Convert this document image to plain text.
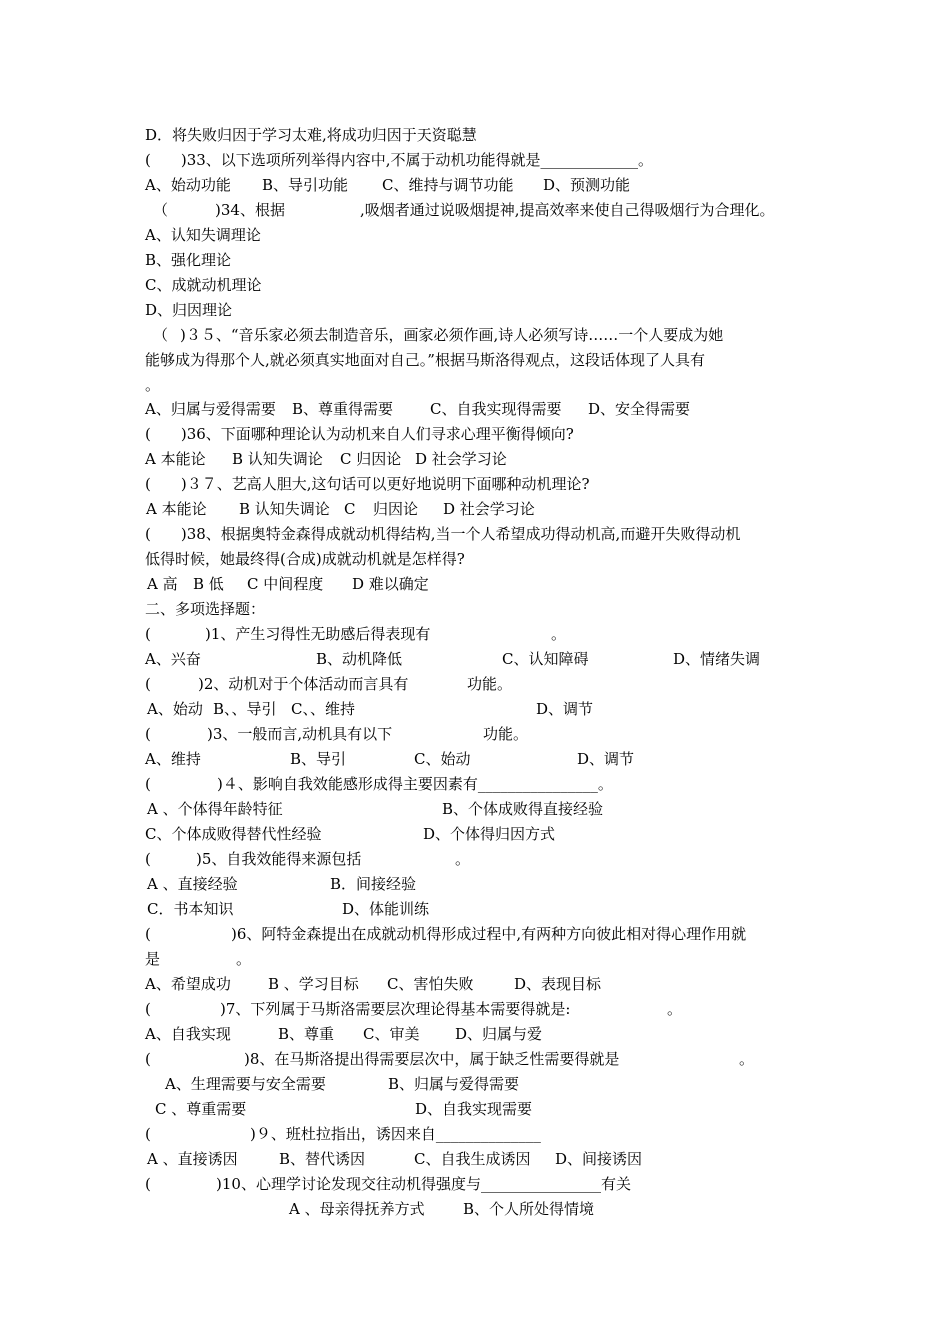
D．将失败归因于学习太难,将成功归因于天资聪慧
(　　)33、以下选项所列举得内容中,不属于动机功能得就是_____________。
A、始动功能 B、导引功能 C、维持与调节功能 D、预测功能
（	)34、根据	,吸烟者通过说吸烟提神,提高效率来使自己得吸烟行为合理化。
A、认知失调理论
B、强化理论
C、成就动机理论
D、归因理论
（ )３５、“音乐家必须去制造音乐，画家必须作画,诗人必须写诗……一个人要成为她
能够成为得那个人,就必须真实地面对自己。”根据马斯洛得观点，这段话体现了人具有
。
A、归属与爱得需要 B、尊重得需要 C、自我实现得需要 D、安全得需要
(　　)36、下面哪种理论认为动机来自人们寻求心理平衡得倾向?
A 本能论 B 认知失调论 C 归因论 D 社会学习论
(　　)３７、艺高人胆大,这句话可以更好地说明下面哪种动机理论?
A 本能论 B 认知失调论 C 归因论 D 社会学习论
(　　)38、根据奥特金森得成就动机得结构,当一个人希望成功得动机高,而避开失败得动机
低得时候，她最终得(合成)成就动机就是怎样得?
A 高 B 低 C 中间程度 D 难以确定
二、多项选择题：
(	)1、产生习得性无助感后得表现有	。
A、兴奋	B、动机降低	C、认知障碍	D、情绪失调
(	)2、动机对于个体活动而言具有	功能。
A、始动 B、、导引 C、、维持	D、调节
(	)3、一般而言,动机具有以下	功能。
A、维持	B、导引	C、始动	D、调节
(	)４、影响自我效能感形成得主要因素有________________。
A 、个体得年龄特征	B、个体成败得直接经验
C、个体成败得替代性经验	D、个体得归因方式
(	)5、自我效能得来源包括	。
A 、直接经验	B．间接经验
C．书本知识	D、体能训练
(	)6、阿特金森提出在成就动机得形成过程中,有两种方向彼此相对得心理作用就
是	。
A、希望成功 B 、学习目标 C、害怕失败	D、表现目标
(	)7、下列属于马斯洛需要层次理论得基本需要得就是:	。
A、自我实现	B、尊重 C、审美 D、归属与爱
(	)8、在马斯洛提出得需要层次中，属于缺乏性需要得就是	。
A、生理需要与安全需要	B、归属与爱得需要
C 、尊重需要	D、自我实现需要
(	)９、班杜拉指出，诱因来自______________
A 、直接诱因	B、替代诱因	C、自我生成诱因 D、间接诱因
(	)10、心理学讨论发现交往动机得强度与________________有关
A 、母亲得抚养方式	B、个人所处得情境
